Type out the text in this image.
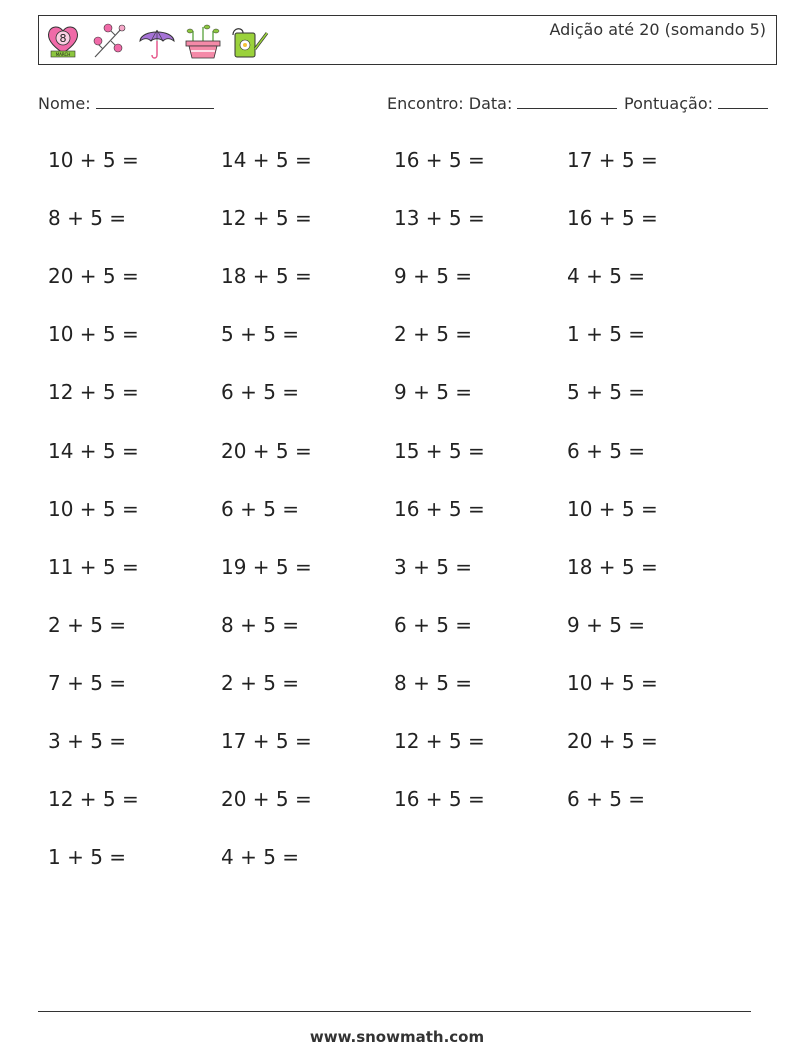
8
MARCH
Adição até 20 (somando 5)
Nome:	Encontro: Data:	Pontuação:
10 + 5 =	14 + 5 =	16 + 5 =	17 + 5 =
8 + 5 =	12 + 5 =	13 + 5 =	16 + 5 =
20 + 5 =	18 + 5 =	9 + 5 =	4 + 5 =
10 + 5 =	5 + 5 =	2 + 5 =	1 + 5 =
12 + 5 =	6 + 5 =	9 + 5 =	5 + 5 =
14 + 5 =	20 + 5 =	15 + 5 =	6 + 5 =
10 + 5 =	6 + 5 =	16 + 5 =	10 + 5 =
11 + 5 =	19 + 5 =	3 + 5 =	18 + 5 =
2 + 5 =	8 + 5 =	6 + 5 =	9 + 5 =
7 + 5 =	2 + 5 =	8 + 5 =	10 + 5 =
3 + 5 =	17 + 5 =	12 + 5 =	20 + 5 =
12 + 5 =	20 + 5 =	16 + 5 =	6 + 5 =
1 + 5 =	4 + 5 =
www.snowmath.com
